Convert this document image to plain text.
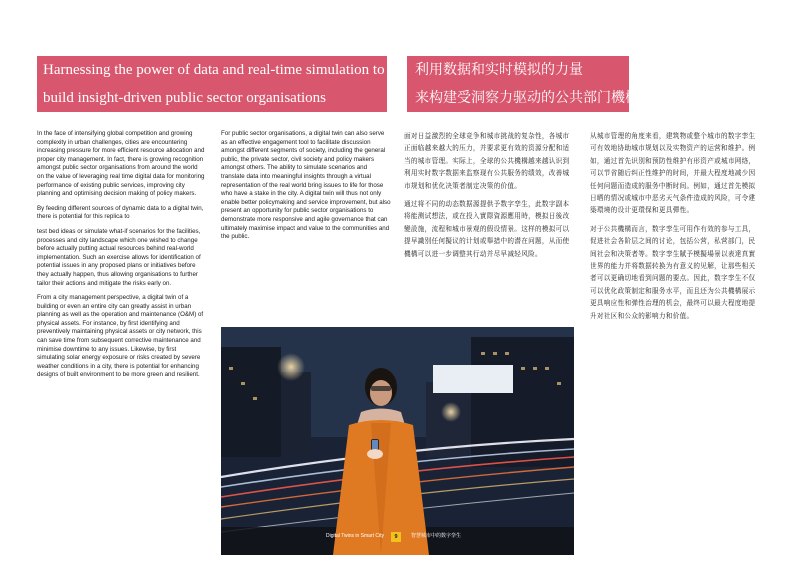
Harnessing the power of data and real-time simulation to
build insight-driven public sector organisations
利用数据和实时模拟的力量
来构建受洞察力驱动的公共部门機構

In the face of intensifying global competition and growing complexity in urban challenges, cities are encountering increasing pressure for more efficient resource allocation and proper city management. In fact, there is growing recognition amongst public sector organisations from around the world on the value of leveraging real time digital data for monitoring performance of existing public services, improving city planning and optimising decision making of policy makers.

By feeding different sources of dynamic data to a digital twin, there is potential for this replica to

test bed ideas or simulate what-if scenarios for the facilities, processes and city landscape which one wished to change before actually putting actual resources behind real-world implementation. Such an exercise allows for identification of potential issues in any proposed plans or initiatives before they actually happen, thus allowing organisations to further tailor their actions and mitigate the risks early on.

From a city management perspective, a digital twin of a building or even an entire city can greatly assist in urban planning as well as the operation and maintenance (O&M) of physical assets. For instance, by first identifying and preventively maintaining physical assets or city network, this can save time from subsequent corrective maintenance and minimise downtime to any issues. Likewise, by first simulating solar energy exposure or risks created by severe weather conditions in a city, there is potential for enhancing designs of built environment to be more green and resilient.

For public sector organisations, a digital twin can also serve as an effective engagement tool to facilitate discussion amongst different segments of society, including the general public, the private sector, civil society and policy makers amongst others. The ability to simulate scenarios and translate data into meaningful insights through a virtual representation of the real world bring issues to life for those who have a stake in the city. A digital twin will thus not only enable better policymaking and service improvement, but also present an opportunity for public sector organisations to demonstrate more responsive and agile governance that can ultimately maximise impact and value to the communities and the public.

面对日益激烈的全球竞争和城市挑战的复杂性，各城市正面临越来越大的压力，并要求更有效的资源分配和适当的城市管理。实际上，全球的公共機構越来越认识到利用实时数字数据来监察现有公共服务的绩效，改善城市规划和优化决策者制定决策的价值。

通过将不同的动态数据源提供予数字孪生，此数字副本将能测试想法，或在投入實際資源應用時，模拟日後改變設施，流程和城市景观的假设情景。这样的模拟可以提早識別任何擬议的计划或舉措中的潜在问题，从而使機構可以进一步调整其行动并尽早减轻风险。

从城市管理的角度来看，建筑物或整个城市的数字孪生可有效地协助城市规划以及实物资产的运营和维护。例如，通过首先识别和预防性维护有形资产或城市网络，可以节省随后纠正性维护的时间，并最大程度地减少因任何问题而造成的服务中断时间。例如，通过首先模拟日晒的情况或城市中恶劣天气条件造成的风险，可令建築環境的设计更環保和更具彈性。

对于公共機構而言，数字孪生可用作有效的参与工具，促进社会各阶层之间的讨论，包括公营，私营部门，民间社会和决策者等。数字孪生賦予模擬場景以表達真實世界的能力并将数据转换为有意义的见解，让那些相关者可以更确切地看到问题的要点。因此，数字孪生不仅可以优化政策制定和服务水平，而且还为公共機構展示更具响应性和弹性治理的机会，最终可以最大程度地提升对社区和公众的影响力和价值。

Digital Twins in Smart City	9	智慧城市中的数字孪生
